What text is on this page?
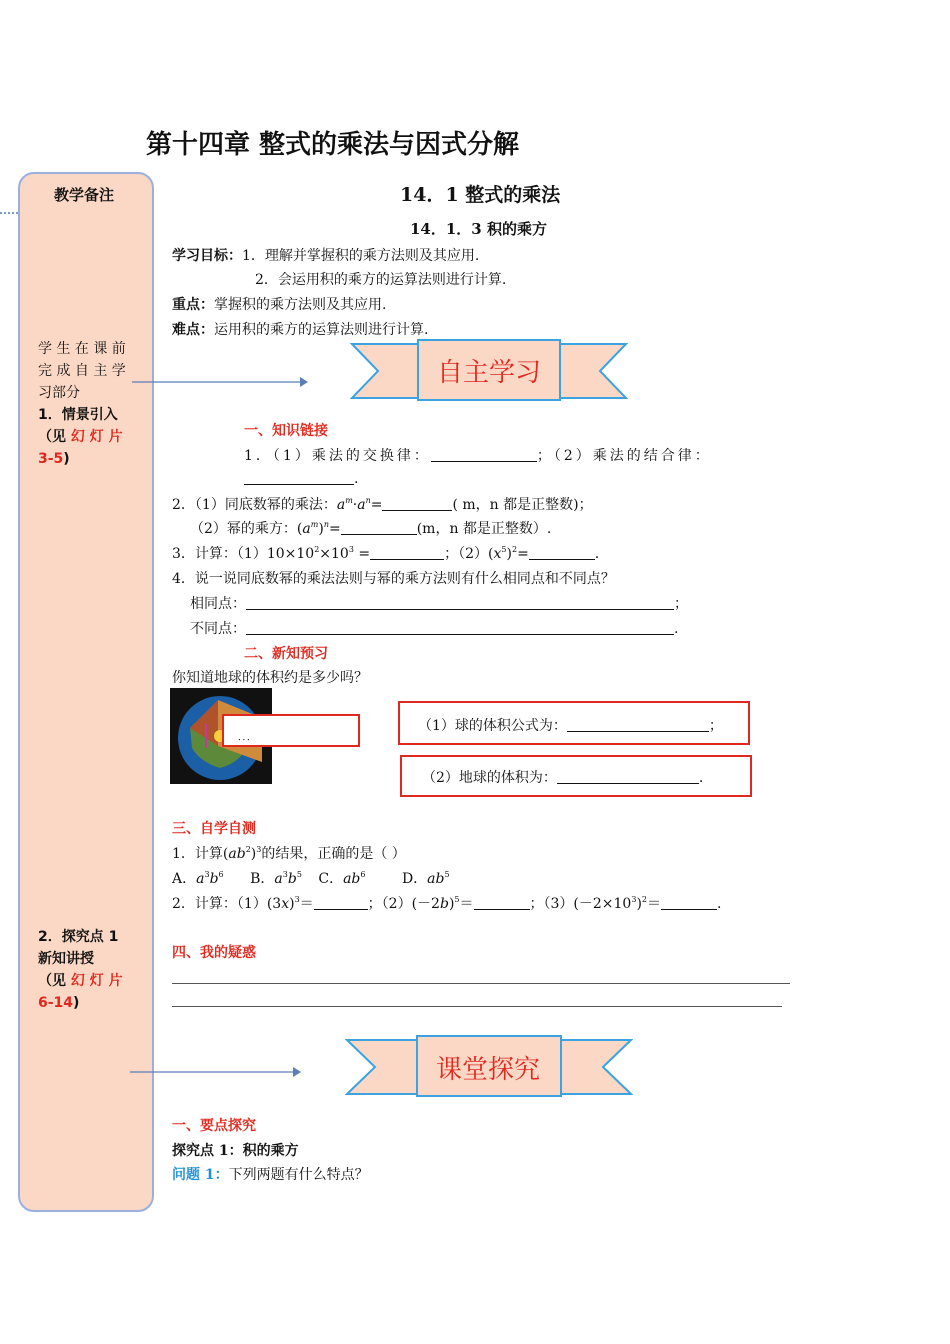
第十四章 整式的乘法与因式分解
教学备注
学 生 在 课 前
完 成 自 主 学
习部分
1．情景引入
（见 幻 灯 片
3-5)
2．探究点 1
新知讲授
（见 幻 灯 片
6-14)
14．1 整式的乘法
14．1．3 积的乘方
学习目标：1．理解并掌握积的乘方法则及其应用.
2．会运用积的乘方的运算法则进行计算.
重点：掌握积的乘方法则及其应用.
难点：运用积的乘方的运算法则进行计算.
自主学习
一、知识链接
1．（1）乘法的交换律：	；（2）乘法的结合律：
.
2．（1）同底数幂的乘法：$a^m\cdot a^n=$	( m，n 都是正整数)；
（2）幂的乘方：$(a^m)^n=$	(m，n 都是正整数）.
3．计算：$(1)10\times 10^2\times 10^3$ =	；$(2)(x^5)^2=$	.
4．说一说同底数幂的乘法法则与幂的乘方法则有什么相同点和不同点？
相同点：	；
不同点：	.
二、新知预习
你知道地球的体积约是多少吗？
．．．
（1）球的体积公式为：	；
（2）地球的体积为：	.
三、自学自测
1．计算$(ab^2)^3$的结果，正确的是（ ）
A．$a^3b^6$ B．$a^3b^5$ C．$ab^6$	D．$ab^5$
2．计算：$(1)(3x)^3=$	；$(2)(-2b)^5=$	；$(3)(-2\times 10^3)^2=$	.
四、我的疑惑
课堂探究
一、要点探究
探究点 1：积的乘方
问题 1：下列两题有什么特点？
